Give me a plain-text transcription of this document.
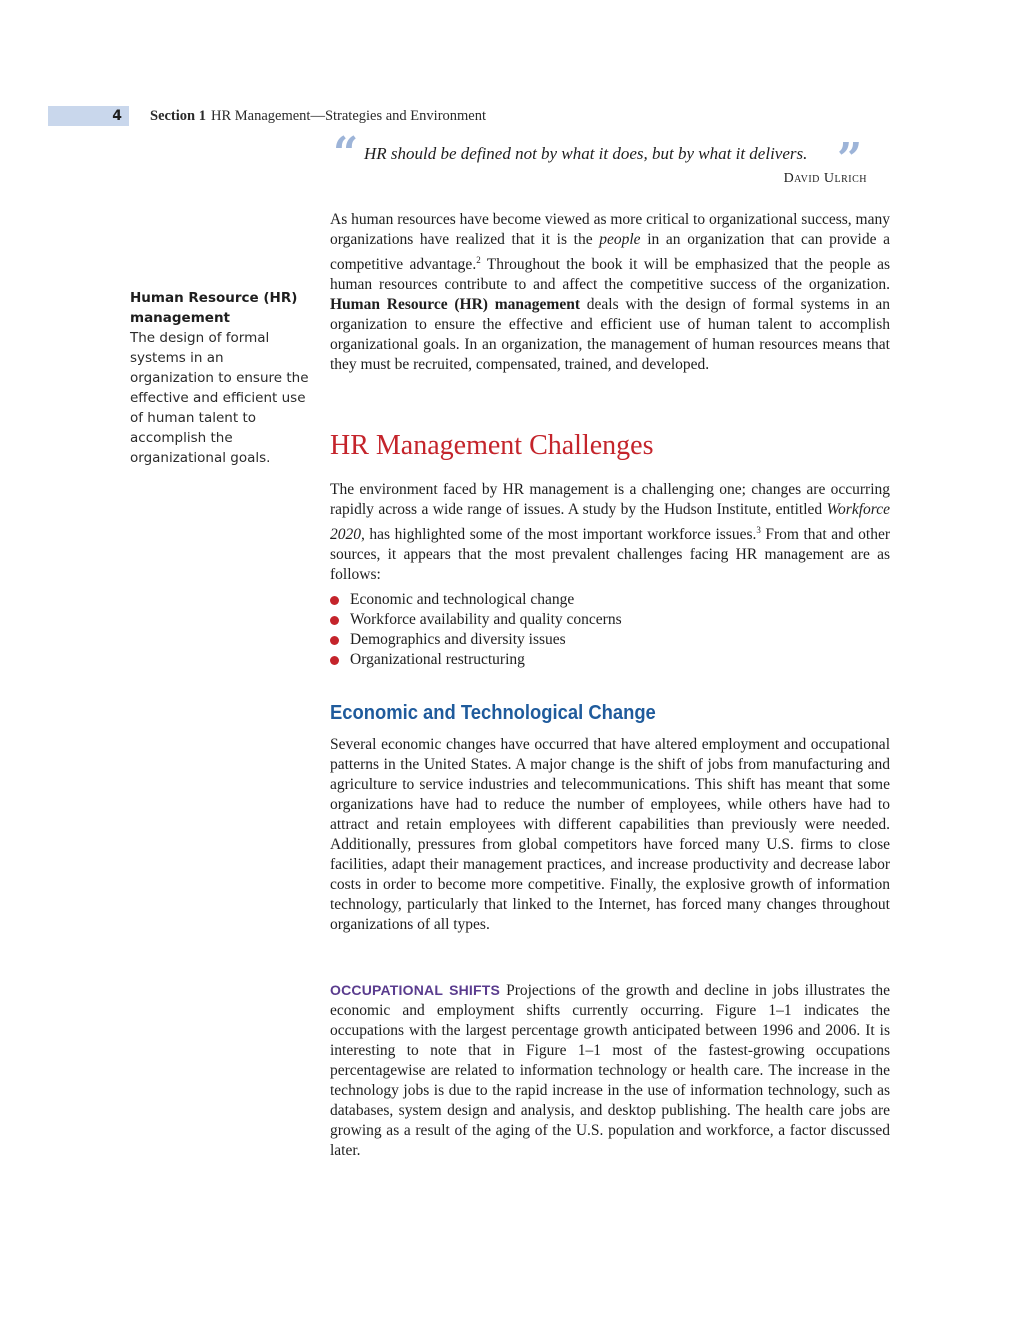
4 Section 1 HR Management—Strategies and Environment
“ HR should be defined not by what it does, but by what it delivers. ”
David Ulrich
Human Resource (HR) management
The design of formal systems in an organization to ensure the effective and efficient use of human talent to accomplish the organizational goals.

As human resources have become viewed as more critical to organizational success, many organizations have realized that it is the people in an organization that can provide a competitive advantage.$^2$ Throughout the book it will be emphasized that the people as human resources contribute to and affect the competitive success of the organization. Human Resource (HR) management deals with the design of formal systems in an organization to ensure the effective and efficient use of human talent to accomplish organizational goals. In an organization, the management of human resources means that they must be recruited, compensated, trained, and developed.

HR Management Challenges

The environment faced by HR management is a challenging one; changes are occurring rapidly across a wide range of issues. A study by the Hudson Institute, entitled Workforce 2020, has highlighted some of the most important workforce issues.$^3$ From that and other sources, it appears that the most prevalent challenges facing HR management are as follows:

Economic and technological change
Workforce availability and quality concerns
Demographics and diversity issues
Organizational restructuring
Economic and Technological Change

Several economic changes have occurred that have altered employment and occupational patterns in the United States. A major change is the shift of jobs from manufacturing and agriculture to service industries and telecommunications. This shift has meant that some organizations have had to reduce the number of employees, while others have had to attract and retain employees with different capabilities than previously were needed. Additionally, pressures from global competitors have forced many U.S. firms to close facilities, adapt their management practices, and increase productivity and decrease labor costs in order to become more competitive. Finally, the explosive growth of information technology, particularly that linked to the Internet, has forced many changes throughout organizations of all types.

OCCUPATIONAL SHIFTS Projections of the growth and decline in jobs illustrates the economic and employment shifts currently occurring. Figure 1–1 indicates the occupations with the largest percentage growth anticipated between 1996 and 2006. It is interesting to note that in Figure 1–1 most of the fastest-growing occupations percentagewise are related to information technology or health care. The increase in the technology jobs is due to the rapid increase in the use of information technology, such as databases, system design and analysis, and desktop publishing. The health care jobs are growing as a result of the aging of the U.S. population and workforce, a factor discussed later.
